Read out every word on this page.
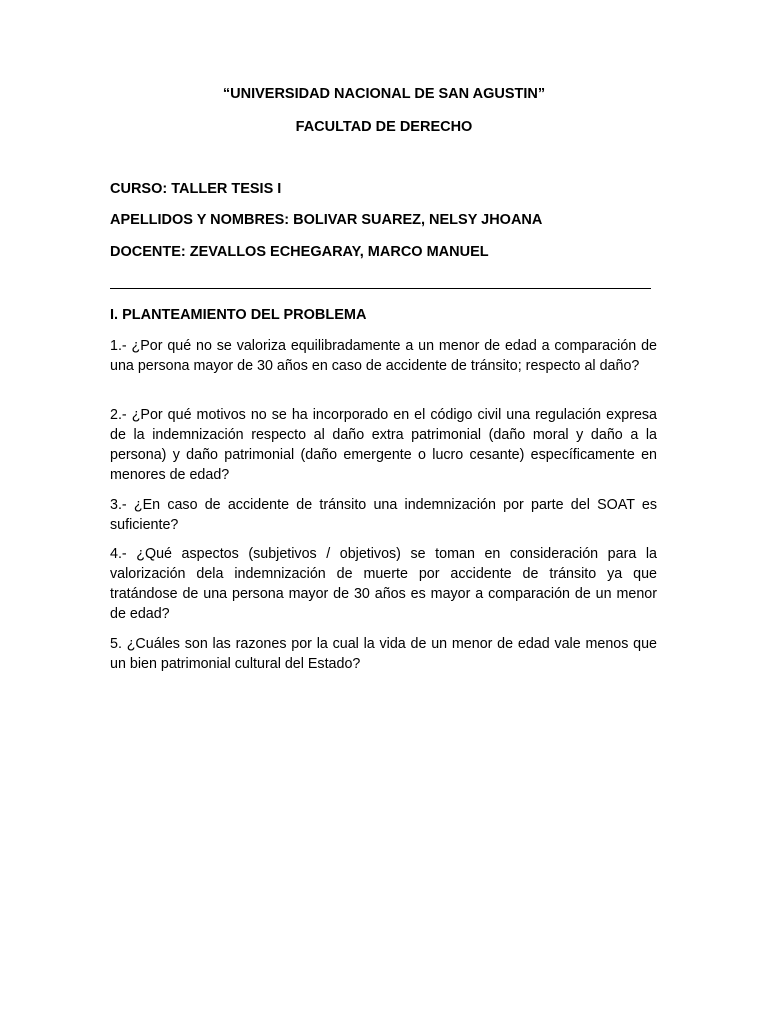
“UNIVERSIDAD NACIONAL DE SAN AGUSTIN”
FACULTAD DE DERECHO
CURSO: TALLER TESIS I
APELLIDOS Y NOMBRES: BOLIVAR SUAREZ, NELSY JHOANA
DOCENTE: ZEVALLOS ECHEGARAY, MARCO MANUEL
I. PLANTEAMIENTO DEL PROBLEMA
1.- ¿Por qué no se valoriza equilibradamente a un menor de edad a comparación de una persona mayor de 30 años en caso de accidente de tránsito; respecto al daño?
2.- ¿Por qué motivos no se ha incorporado en el código civil una regulación expresa de la indemnización respecto al daño extra patrimonial (daño moral y daño a la persona) y daño patrimonial (daño emergente o lucro cesante) específicamente en menores de edad?
3.- ¿En caso de accidente de tránsito una indemnización por parte del SOAT es suficiente?
4.- ¿Qué aspectos (subjetivos / objetivos) se toman en consideración para la valorización dela indemnización de muerte por accidente de tránsito ya que tratándose de una persona mayor de 30 años es mayor a comparación de un menor de edad?
5. ¿Cuáles son las razones por la cual la vida de un menor de edad vale menos que un bien patrimonial cultural del Estado?
